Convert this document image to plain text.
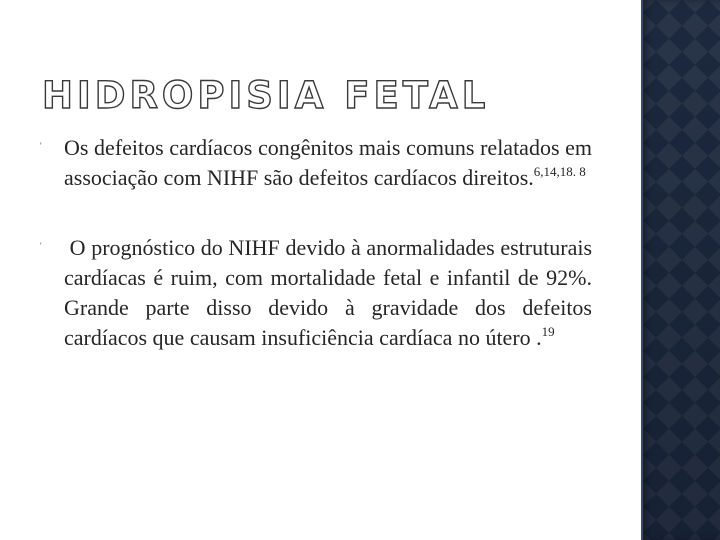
HIDROPISIA FETAL
' Os defeitos cardíacos congênitos mais comuns relatados em associação com NIHF são defeitos cardíacos direitos.$^{6,14,18. 8}$
' O prognóstico do NIHF devido à anormalidades estruturais cardíacas é ruim, com mortalidade fetal e infantil de 92%. Grande parte disso devido à gravidade dos defeitos cardíacos que causam insuficiência cardíaca no útero .$^{19}$
